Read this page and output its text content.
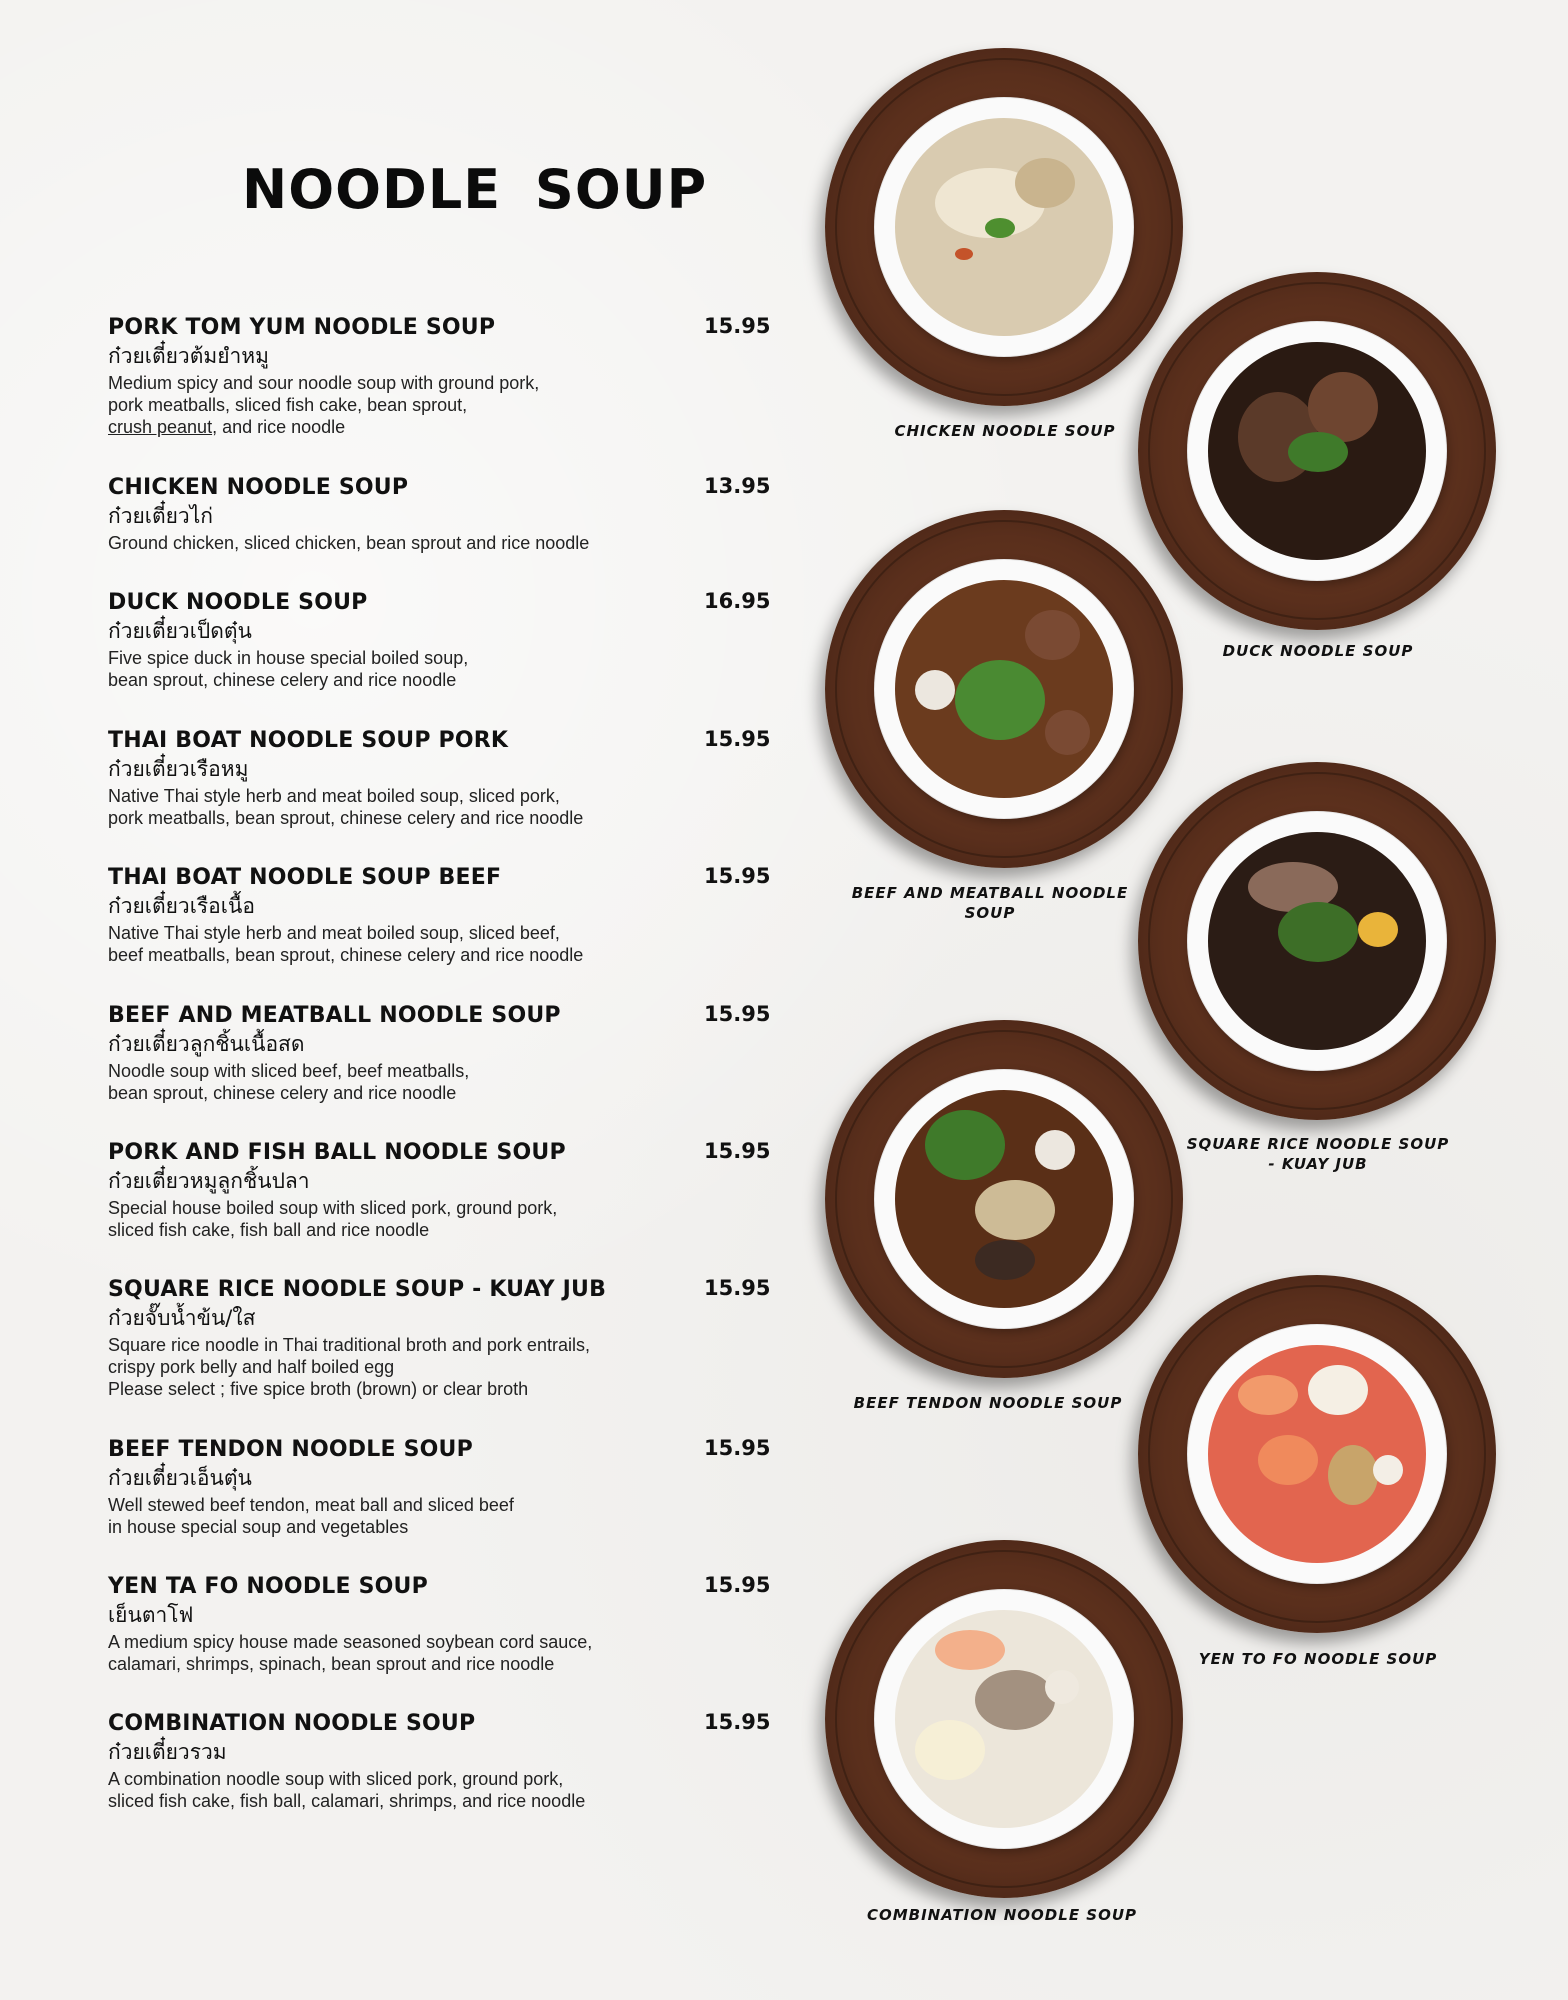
NOODLE SOUP
PORK TOM YUM NOODLE SOUP
ก๋วยเตี๋ยวต้มยำหมู
Medium spicy and sour noodle soup with ground pork,
pork meatballs, sliced fish cake, bean sprout,
crush peanut, and rice noodle
15.95
CHICKEN NOODLE SOUP
ก๋วยเตี๋ยวไก่
Ground chicken, sliced chicken, bean sprout and rice noodle
13.95
DUCK NOODLE SOUP
ก๋วยเตี๋ยวเป็ดตุ๋น
Five spice duck in house special boiled soup,
bean sprout, chinese celery and rice noodle
16.95
THAI BOAT NOODLE SOUP PORK
ก๋วยเตี๋ยวเรือหมู
Native Thai style herb and meat boiled soup, sliced pork,
pork meatballs, bean sprout, chinese celery and rice noodle
15.95
THAI BOAT NOODLE SOUP BEEF
ก๋วยเตี๋ยวเรือเนื้อ
Native Thai style herb and meat boiled soup, sliced beef,
beef meatballs, bean sprout, chinese celery and rice noodle
15.95
BEEF AND MEATBALL NOODLE SOUP
ก๋วยเตี๋ยวลูกชิ้นเนื้อสด
Noodle soup with sliced beef, beef meatballs,
bean sprout, chinese celery and rice noodle
15.95
PORK AND FISH BALL NOODLE SOUP
ก๋วยเตี๋ยวหมูลูกชิ้นปลา
Special house boiled soup with sliced pork, ground pork,
sliced fish cake, fish ball and rice noodle
15.95
SQUARE RICE NOODLE SOUP - KUAY JUB
ก๋วยจั๊บน้ำข้น/ใส
Square rice noodle in Thai traditional broth and pork entrails,
crispy pork belly and half boiled egg
Please select ; five spice broth (brown) or clear broth
15.95
BEEF TENDON NOODLE SOUP
ก๋วยเตี๋ยวเอ็นตุ๋น
Well stewed beef tendon, meat ball and sliced beef
in house special soup and vegetables
15.95
YEN TA FO NOODLE SOUP
เย็นตาโฟ
A medium spicy house made seasoned soybean cord sauce,
calamari, shrimps, spinach, bean sprout and rice noodle
15.95
COMBINATION NOODLE SOUP
ก๋วยเตี๋ยวรวม
A combination noodle soup with sliced pork, ground pork,
sliced fish cake, fish ball, calamari, shrimps, and rice noodle
15.95
CHICKEN NOODLE SOUP
DUCK NOODLE SOUP
BEEF AND MEATBALL NOODLE SOUP
SQUARE RICE NOODLE SOUP
- KUAY JUB
BEEF TENDON NOODLE SOUP
YEN TO FO NOODLE SOUP
COMBINATION NOODLE SOUP
